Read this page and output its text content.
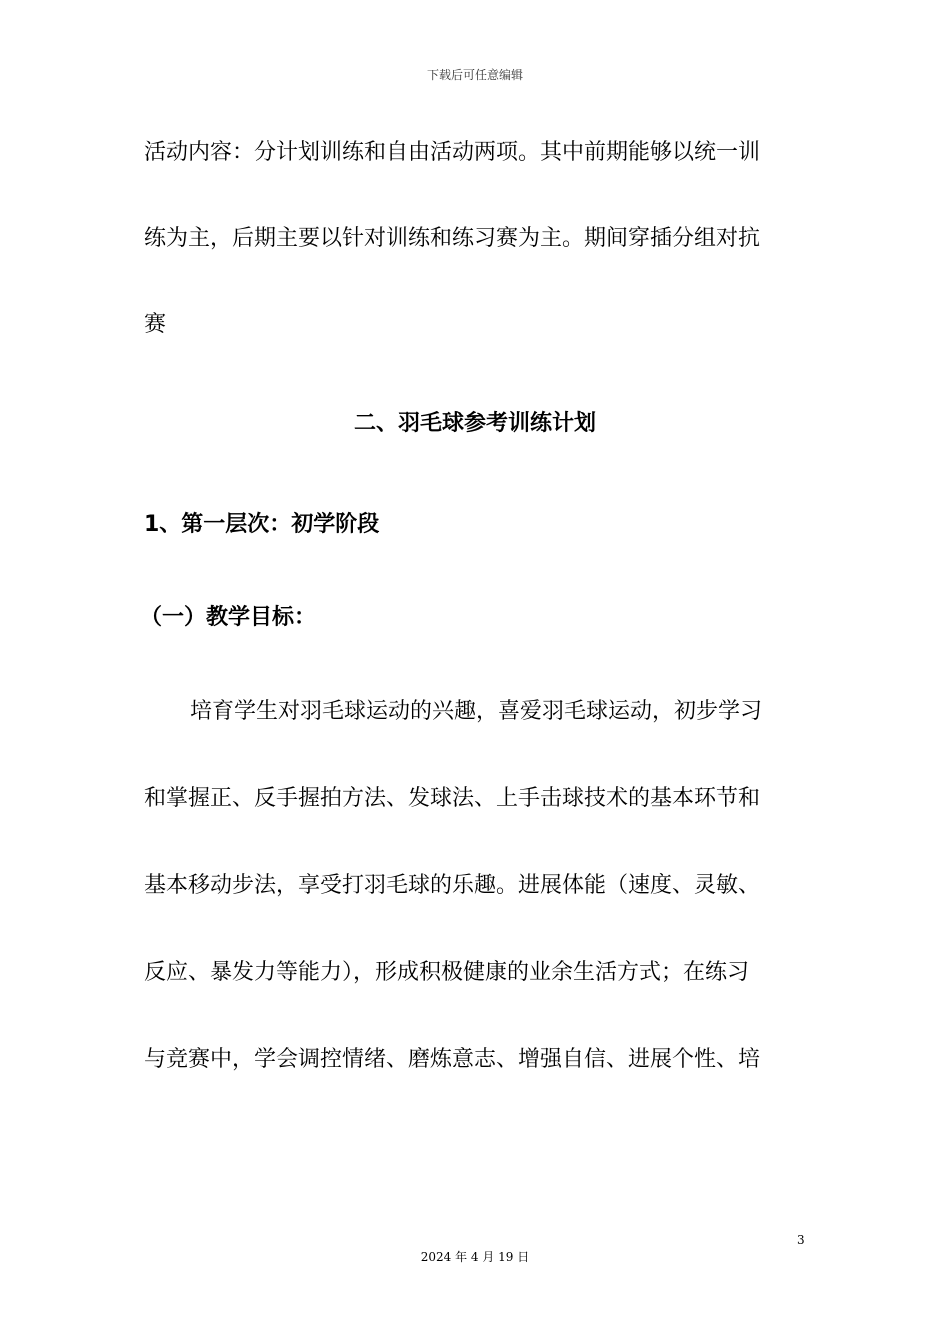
下载后可任意编辑
活动内容：分计划训练和自由活动两项。其中前期能够以统一训
练为主，后期主要以针对训练和练习赛为主。期间穿插分组对抗
赛
二、羽毛球参考训练计划
1、第一层次：初学阶段
（一）教学目标：
培育学生对羽毛球运动的兴趣，喜爱羽毛球运动，初步学习
和掌握正、反手握拍方法、发球法、上手击球技术的基本环节和
基本移动步法，享受打羽毛球的乐趣。进展体能（速度、灵敏、
反应、暴发力等能力），形成积极健康的业余生活方式；在练习
与竞赛中，学会调控情绪、磨炼意志、增强自信、进展个性、培
3
2024 年 4 月 19 日
